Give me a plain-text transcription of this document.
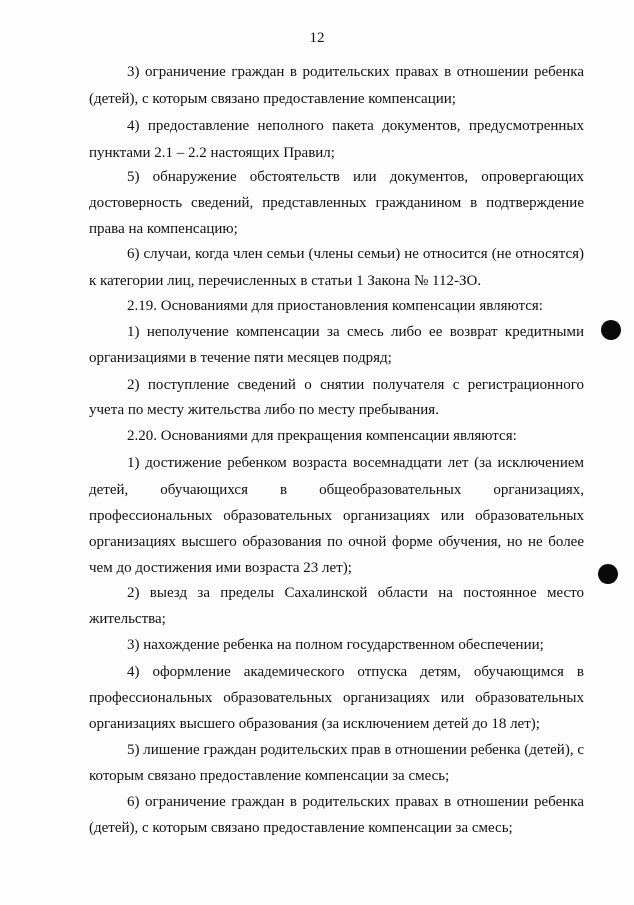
12
3) ограничение граждан в родительских правах в отношении ребенка
(детей), с которым связано предоставление компенсации;
4) предоставление неполного пакета документов, предусмотренных
пунктами 2.1 – 2.2 настоящих Правил;
5) обнаружение обстоятельств или документов, опровергающих
достоверность сведений, представленных гражданином в подтверждение
права на компенсацию;
6) случаи, когда член семьи (члены семьи) не относится (не относятся)
к категории лиц, перечисленных в статьи 1 Закона № 112-ЗО.
2.19. Основаниями для приостановления компенсации являются:
1) неполучение компенсации за смесь либо ее возврат кредитными
организациями в течение пяти месяцев подряд;
2) поступление сведений о снятии получателя с регистрационного
учета по месту жительства либо по месту пребывания.
2.20. Основаниями для прекращения компенсации являются:
1) достижение ребенком возраста восемнадцати лет (за исключением
детей, обучающихся в общеобразовательных организациях,
профессиональных образовательных организациях или образовательных
организациях высшего образования по очной форме обучения, но не более
чем до достижения ими возраста 23 лет);
2) выезд за пределы Сахалинской области на постоянное место
жительства;
3) нахождение ребенка на полном государственном обеспечении;
4) оформление академического отпуска детям, обучающимся в
профессиональных образовательных организациях или образовательных
организациях высшего образования (за исключением детей до 18 лет);
5) лишение граждан родительских прав в отношении ребенка (детей), с
которым связано предоставление компенсации за смесь;
6) ограничение граждан в родительских правах в отношении ребенка
(детей), с которым связано предоставление компенсации за смесь;
